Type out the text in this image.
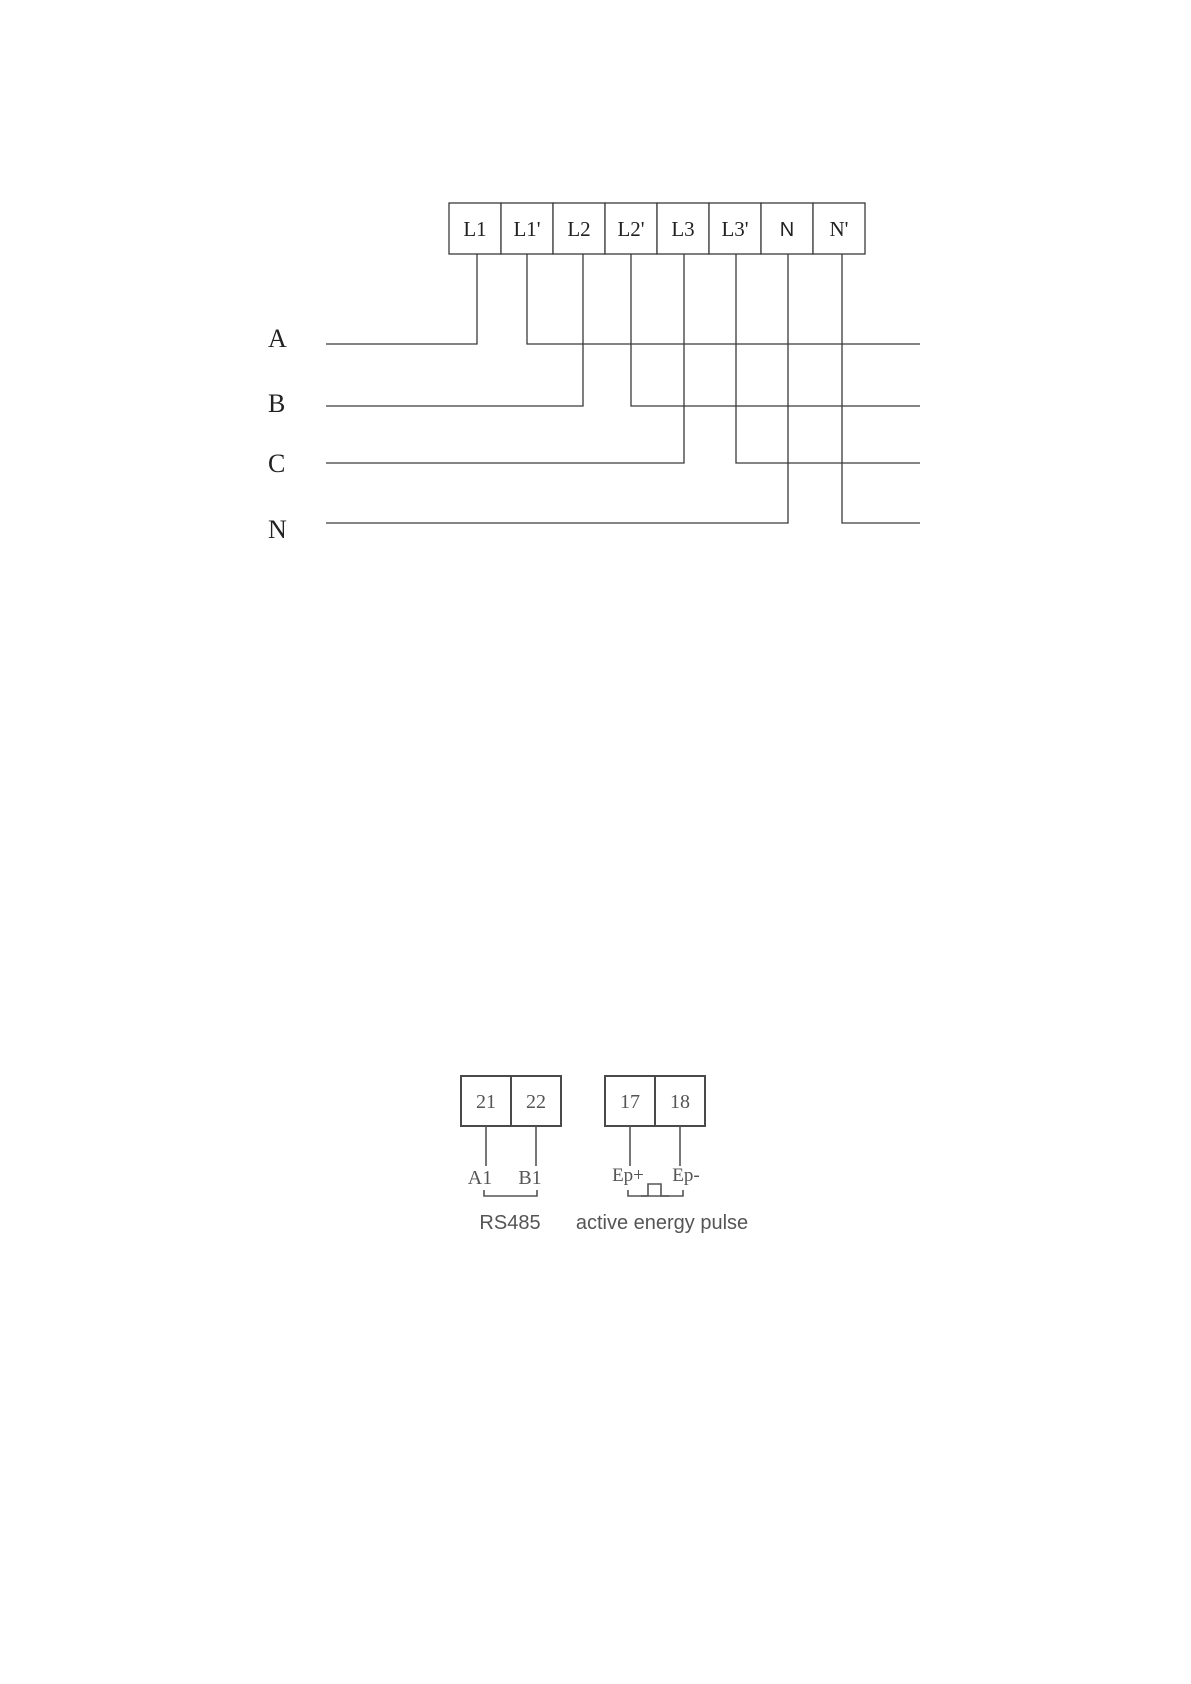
L1 L1' L2 L2' L3 L3' N N'
A
B
C
N
21 22	17 18
A1 B1	Ep+ Ep-
RS485 active energy pulse
